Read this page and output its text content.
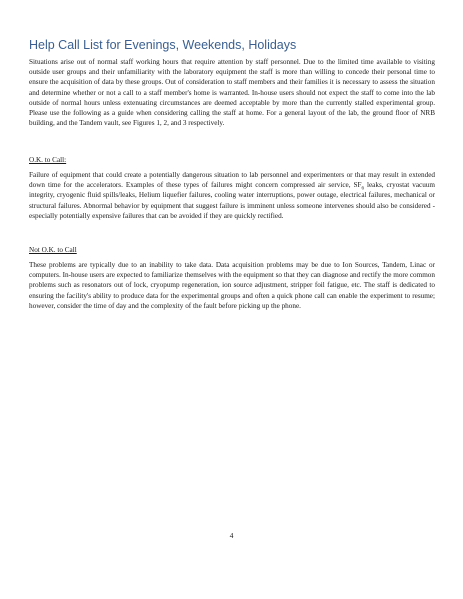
Help Call List for Evenings, Weekends, Holidays

Situations arise out of normal staff working hours that require attention by staff personnel. Due to the limited time available to visiting outside user groups and their unfamiliarity with the laboratory equipment the staff is more than willing to concede their personal time to ensure the acquisition of data by these groups. Out of consideration to staff members and their families it is necessary to assess the situation and determine whether or not a call to a staff member's home is warranted. In-house users should not expect the staff to come into the lab outside of normal hours unless extenuating circumstances are deemed acceptable by more than the currently stalled experimental group. Please use the following as a guide when considering calling the staff at home. For a general layout of the lab, the ground floor of NRB building, and the Tandem vault, see Figures 1, 2, and 3 respectively.

O.K. to Call:

Failure of equipment that could create a potentially dangerous situation to lab personnel and experimenters or that may result in extended down time for the accelerators. Examples of these types of failures might concern compressed air service, $SF_6$ leaks, cryostat vacuum integrity, cryogenic fluid spills/leaks, Helium liquefier failures, cooling water interruptions, power outage, electrical failures, mechanical or structural failures. Abnormal behavior by equipment that suggest failure is imminent unless someone intervenes should also be considered - especially potentially expensive failures that can be avoided if they are quickly rectified.

Not O.K. to Call

These problems are typically due to an inability to take data. Data acquisition problems may be due to Ion Sources, Tandem, Linac or computers. In-house users are expected to familiarize themselves with the equipment so that they can diagnose and rectify the more common problems such as resonators out of lock, cryopump regeneration, ion source adjustment, stripper foil fatigue, etc. The staff is dedicated to ensuring the facility's ability to produce data for the experimental groups and often a quick phone call can enable the experiment to resume; however, consider the time of day and the complexity of the fault before picking up the phone.

4
